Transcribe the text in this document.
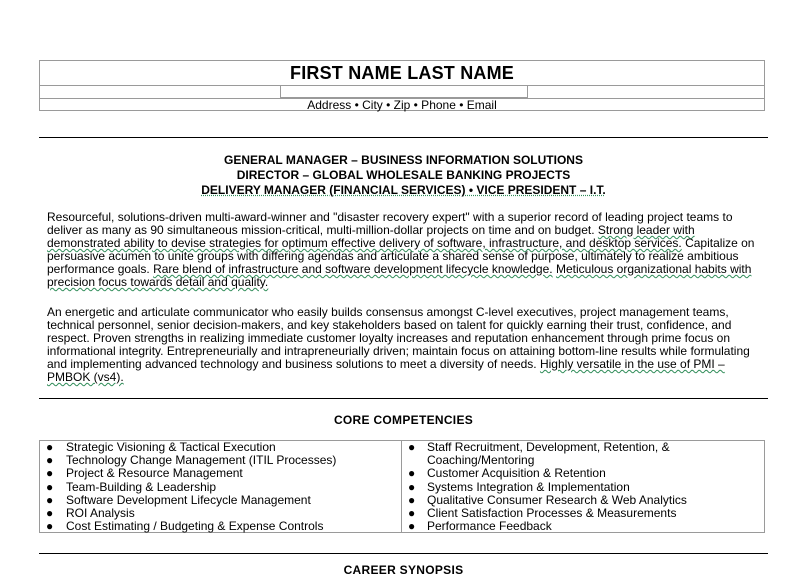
FIRST NAME LAST NAME
Address • City • Zip • Phone • Email
GENERAL MANAGER – BUSINESS INFORMATION SOLUTIONS
DIRECTOR – GLOBAL WHOLESALE BANKING PROJECTS
DELIVERY MANAGER (FINANCIAL SERVICES) • VICE PRESIDENT – I.T.

Resourceful, solutions-driven multi-award-winner and "disaster recovery expert" with a superior record of leading project teams to deliver as many as 90 simultaneous mission-critical, multi-million-dollar projects on time and on budget. Strong leader with demonstrated ability to devise strategies for optimum effective delivery of software, infrastructure, and desktop services. Capitalize on persuasive acumen to unite groups with differing agendas and articulate a shared sense of purpose, ultimately to realize ambitious performance goals. Rare blend of infrastructure and software development lifecycle knowledge. Meticulous organizational habits with precision focus towards detail and quality.

An energetic and articulate communicator who easily builds consensus amongst C-level executives, project management teams, technical personnel, senior decision-makers, and key stakeholders based on talent for quickly earning their trust, confidence, and respect. Proven strengths in realizing immediate customer loyalty increases and reputation enhancement through prime focus on informational integrity. Entrepreneurially and intrapreneurially driven; maintain focus on attaining bottom-line results while formulating and implementing advanced technology and business solutions to meet a diversity of needs. Highly versatile in the use of PMI – PMBOK (vs4).

CORE COMPETENCIES
● Strategic Visioning & Tactical Execution
● Technology Change Management (ITIL Processes)
● Project & Resource Management
● Team-Building & Leadership
● Software Development Lifecycle Management
● ROI Analysis
● Cost Estimating / Budgeting & Expense Controls
● Staff Recruitment, Development, Retention, & Coaching/Mentoring
● Customer Acquisition & Retention
● Systems Integration & Implementation
● Qualitative Consumer Research & Web Analytics
● Client Satisfaction Processes & Measurements
● Performance Feedback
CAREER SYNOPSIS
